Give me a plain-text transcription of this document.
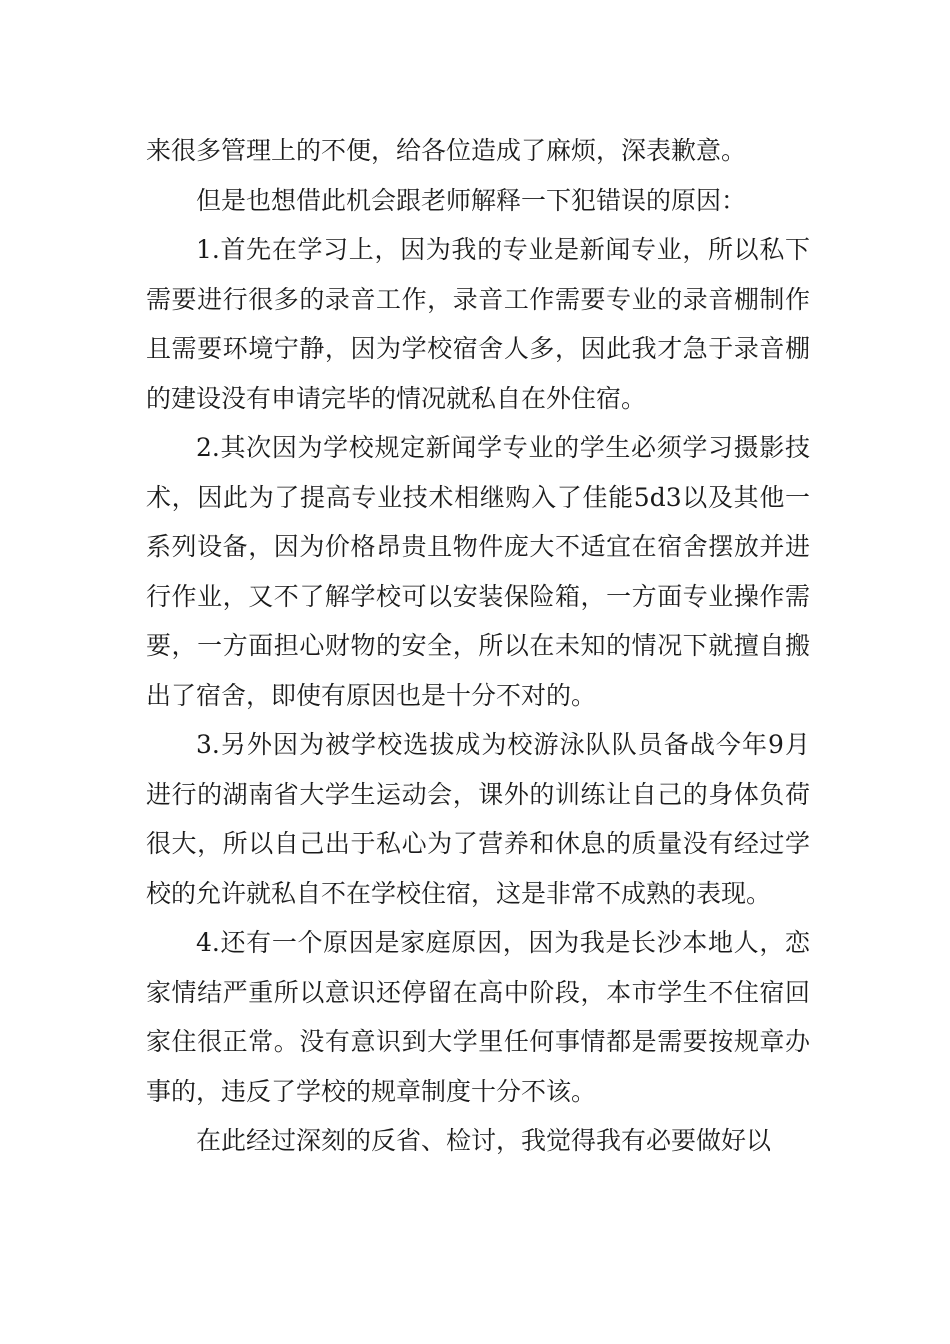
来很多管理上的不便，给各位造成了麻烦，深表歉意。

但是也想借此机会跟老师解释一下犯错误的原因：

1.首先在学习上，因为我的专业是新闻专业，所以私下需要进行很多的录音工作，录音工作需要专业的录音棚制作且需要环境宁静，因为学校宿舍人多，因此我才急于录音棚的建设没有申请完毕的情况就私自在外住宿。

2.其次因为学校规定新闻学专业的学生必须学习摄影技术，因此为了提高专业技术相继购入了佳能5d3以及其他一系列设备，因为价格昂贵且物件庞大不适宜在宿舍摆放并进行作业，又不了解学校可以安装保险箱，一方面专业操作需要，一方面担心财物的安全，所以在未知的情况下就擅自搬出了宿舍，即使有原因也是十分不对的。

3.另外因为被学校选拔成为校游泳队队员备战今年9月进行的湖南省大学生运动会，课外的训练让自己的身体负荷很大，所以自己出于私心为了营养和休息的质量没有经过学校的允许就私自不在学校住宿，这是非常不成熟的表现。

4.还有一个原因是家庭原因，因为我是长沙本地人，恋家情结严重所以意识还停留在高中阶段，本市学生不住宿回家住很正常。没有意识到大学里任何事情都是需要按规章办事的，违反了学校的规章制度十分不该。

在此经过深刻的反省、检讨，我觉得我有必要做好以
